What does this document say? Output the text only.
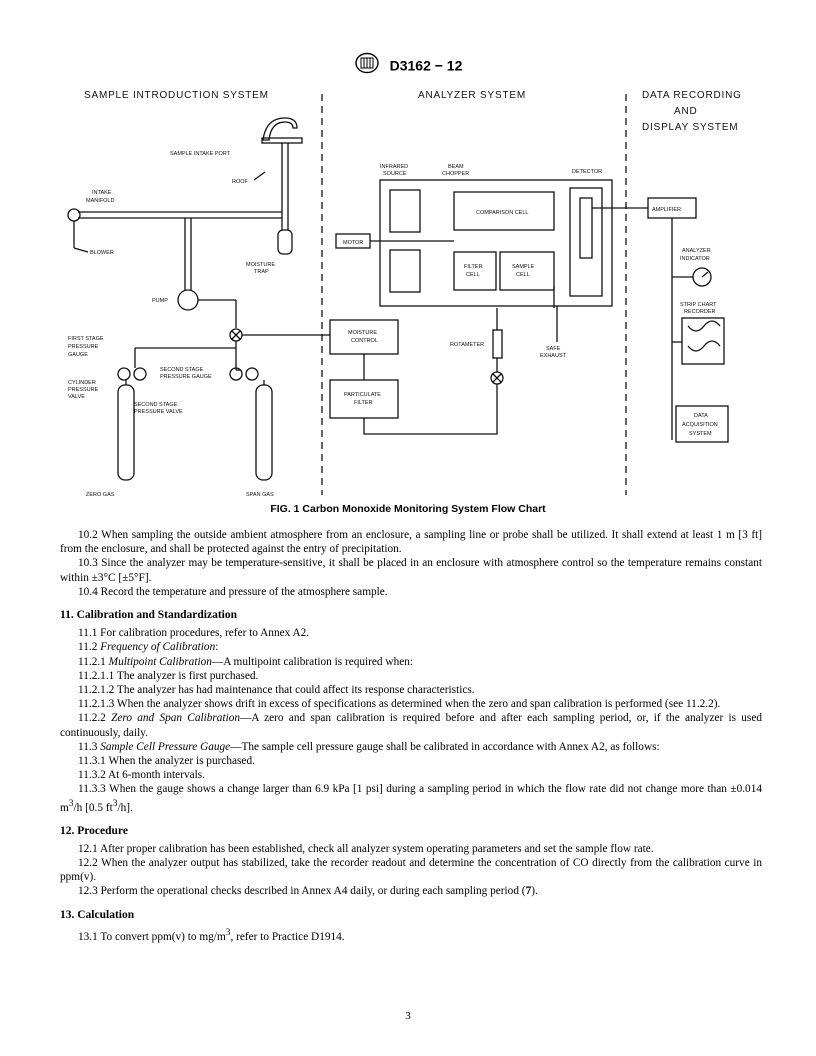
D3162 − 12
SAMPLE INTRODUCTION SYSTEM	ANALYZER SYSTEM	DATA RECORDING
AND
DISPLAY SYSTEM
SAMPLE INTAKE PORT
ROOF
INTAKE
MANIFOLD
BLOWER
MOISTURE
TRAP
PUMP
FIRST STAGE
PRESSURE
GAUGE
SECOND STAGE
PRESSURE GAUGE
CYLINDER
PRESSURE
VALVE
SECOND STAGE
PRESSURE VALVE
ZERO GAS	SPAN GAS
MOISTURE
CONTROL
PARTICULATE
FILTER
ROTAMETER
INFRARED
SOURCE
BEAM
CHOPPER	DETECTOR
COMPARISON CELL
FILTER
CELL
SAMPLE
CELL
MOTOR
SAFE
EXHAUST
AMPLIFIER
ANALYZER
INDICATOR
STRIP CHART
RECORDER
DATA
ACQUISITION
SYSTEM
FIG. 1 Carbon Monoxide Monitoring System Flow Chart

10.2 When sampling the outside ambient atmosphere from an enclosure, a sampling line or probe shall be utilized. It shall extend at least 1 m [3 ft] from the enclosure, and shall be protected against the entry of precipitation.

10.3 Since the analyzer may be temperature-sensitive, it shall be placed in an enclosure with atmosphere control so the temperature remains constant within ±3°C [±5°F].

10.4 Record the temperature and pressure of the atmosphere sample.

11. Calibration and Standardization

11.1 For calibration procedures, refer to Annex A2.

11.2 Frequency of Calibration:

11.2.1 Multipoint Calibration—A multipoint calibration is required when:

11.2.1.1 The analyzer is first purchased.

11.2.1.2 The analyzer has had maintenance that could affect its response characteristics.

11.2.1.3 When the analyzer shows drift in excess of specifications as determined when the zero and span calibration is performed (see 11.2.2).

11.2.2 Zero and Span Calibration—A zero and span calibration is required before and after each sampling period, or, if the analyzer is used continuously, daily.

11.3 Sample Cell Pressure Gauge—The sample cell pressure gauge shall be calibrated in accordance with Annex A2, as follows:

11.3.1 When the analyzer is purchased.

11.3.2 At 6-month intervals.

11.3.3 When the gauge shows a change larger than 6.9 kPa [1 psi] during a sampling period in which the flow rate did not change more than ±0.014 $m^3/h$ [0.5 $ft^3/h$].

12. Procedure

12.1 After proper calibration has been established, check all analyzer system operating parameters and set the sample flow rate.

12.2 When the analyzer output has stabilized, take the recorder readout and determine the concentration of CO directly from the calibration curve in ppm(v).

12.3 Perform the operational checks described in Annex A4 daily, or during each sampling period (7).

13. Calculation

13.1 To convert ppm(v) to $mg/m^3$, refer to Practice D1914.

3
